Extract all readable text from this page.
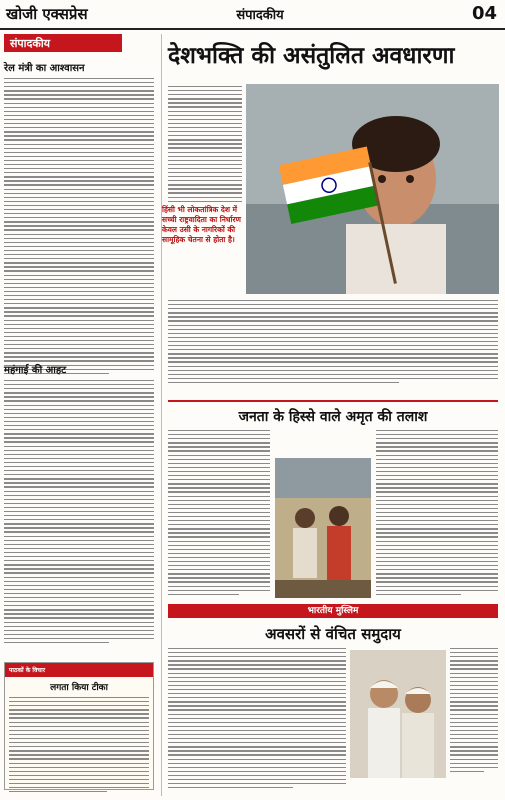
खोजी एक्सप्रेस	संपादकीय	04
संपादकीय
रेल मंत्री का आश्वासन
महंगाई की आहट
पाठकों के विचार
लगता किया टीका
देशभक्ति की असंतुलित अवधारणा
हिंसी भी लोकतांत्रिक देश में सच्ची राष्ट्रवादिता का निर्धारण केवल उसी के नागरिकों की सामूहिक चेतना से होता है।
जनता के हिस्से वाले अमृत की तलाश
भारतीय मुस्लिम
अवसरों से वंचित समुदाय
